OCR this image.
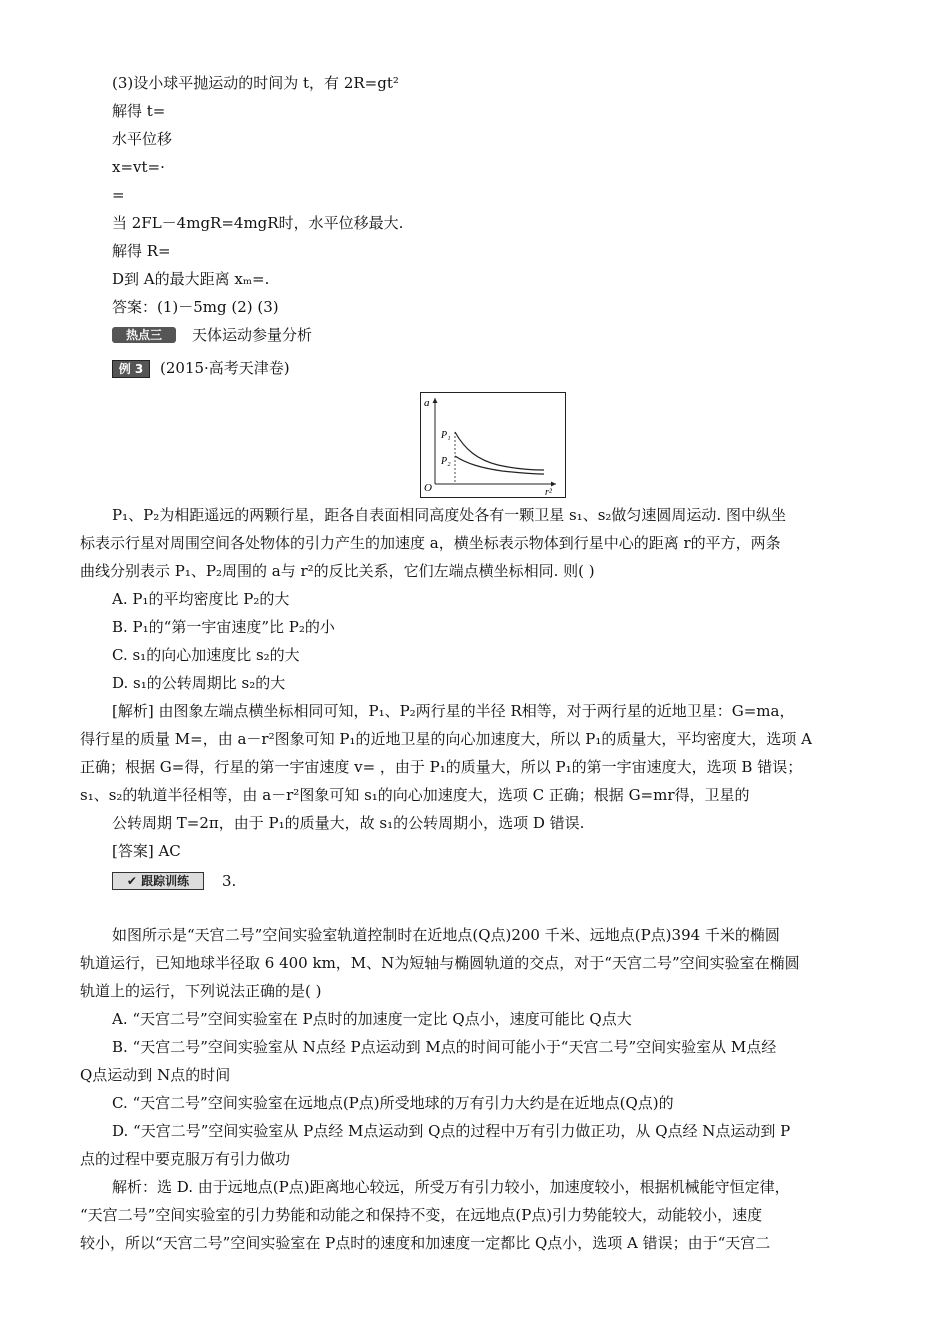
(3)设小球平抛运动的时间为 t，有 2R=gt²
解得 t=
水平位移
x=vt=·
=
当 2FL－4mgR=4mgR时，水平位移最大.
解得 R=
D到 A的最大距离 xₘ=.
答案：(1)－5mg (2) (3)
热点三	天体运动参量分析
例 3	(2015·高考天津卷)
a
r²
O
P₁
P₂
P₁、P₂为相距遥远的两颗行星，距各自表面相同高度处各有一颗卫星 s₁、s₂做匀速圆周运动. 图中纵坐
标表示行星对周围空间各处物体的引力产生的加速度 a，横坐标表示物体到行星中心的距离 r的平方，两条
曲线分别表示 P₁、P₂周围的 a与 r²的反比关系，它们左端点横坐标相同. 则( )
A. P₁的平均密度比 P₂的大
B. P₁的“第一宇宙速度”比 P₂的小
C. s₁的向心加速度比 s₂的大
D. s₁的公转周期比 s₂的大
[解析] 由图象左端点横坐标相同可知，P₁、P₂两行星的半径 R相等，对于两行星的近地卫星：G=ma，
得行星的质量 M=，由 a－r²图象可知 P₁的近地卫星的向心加速度大，所以 P₁的质量大，平均密度大，选项 A
正确；根据 G=得，行星的第一宇宙速度 v= ，由于 P₁的质量大，所以 P₁的第一宇宙速度大，选项 B 错误；
s₁、s₂的轨道半径相等，由 a－r²图象可知 s₁的向心加速度大，选项 C 正确；根据 G=mr得，卫星的
公转周期 T=2π，由于 P₁的质量大，故 s₁的公转周期小，选项 D 错误.
[答案] AC
✔ 跟踪训练	3.
如图所示是“天宫二号”空间实验室轨道控制时在近地点(Q点)200 千米、远地点(P点)394 千米的椭圆
轨道运行，已知地球半径取 6 400 km，M、N为短轴与椭圆轨道的交点，对于“天宫二号”空间实验室在椭圆
轨道上的运行，下列说法正确的是( )
A. “天宫二号”空间实验室在 P点时的加速度一定比 Q点小，速度可能比 Q点大
B. “天宫二号”空间实验室从 N点经 P点运动到 M点的时间可能小于“天宫二号”空间实验室从 M点经
Q点运动到 N点的时间
C. “天宫二号”空间实验室在远地点(P点)所受地球的万有引力大约是在近地点(Q点)的
D. “天宫二号”空间实验室从 P点经 M点运动到 Q点的过程中万有引力做正功，从 Q点经 N点运动到 P
点的过程中要克服万有引力做功
解析：选 D. 由于远地点(P点)距离地心较远，所受万有引力较小，加速度较小，根据机械能守恒定律，
“天宫二号”空间实验室的引力势能和动能之和保持不变，在远地点(P点)引力势能较大，动能较小，速度
较小，所以“天宫二号”空间实验室在 P点时的速度和加速度一定都比 Q点小，选项 A 错误；由于“天宫二
